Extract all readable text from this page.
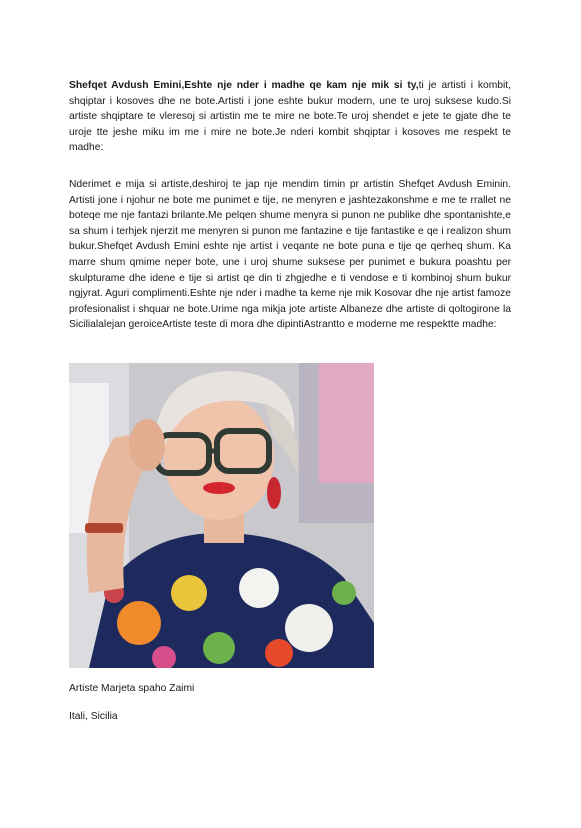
Shefqet Avdush Emini,Eshte nje nder i madhe qe kam nje mik si ty,ti je artisti i kombit, shqiptar i kosoves dhe ne bote.Artisti i jone eshte bukur modern, une te uroj suksese kudo.Si artiste shqiptare te vleresoj si artistin me te mire ne bote.Te uroj shendet e jete te gjate dhe te uroje tte jeshe miku im me i mire ne bote.Je nderi kombit shqiptar i kosoves me respekt te madhe:

Nderimet e mija si artiste,deshiroj te jap nje mendim timin pr artistin Shefqet Avdush Eminin. Artisti jone i njohur ne bote me punimet e tije, ne menyren e jashtezakonshme e me te rrallet ne boteqe me nje fantazi brilante.Me pelqen shume menyra si punon ne publike dhe spontanishte,e sa shum i terhjek njerzit me menyren si punon me fantazine e tije fantastike e qe i realizon shum bukur.Shefqet Avdush Emini eshte nje artist i veqante ne bote puna e tije qe qerheq shum. Ka marre shum qmime neper bote, une i uroj shume suksese per punimet e bukura poashtu per skulpturame dhe idene e tije si artist qe din ti zhgjedhe e ti vendose e ti kombinoj shum bukur ngjyrat. Aguri complimenti.Eshte nje nder i madhe ta keme nje mik Kosovar dhe nje artist famoze profesionalist i shquar ne bote.Urime nga mikja jote artiste Albaneze dhe artiste di qoltogirone la Sicilialalejan geroiceArtiste teste di mora dhe dipintiAstrantto e moderne me respektte madhe:

Artiste Marjeta spaho Zaimi
Itali, Sicilia
